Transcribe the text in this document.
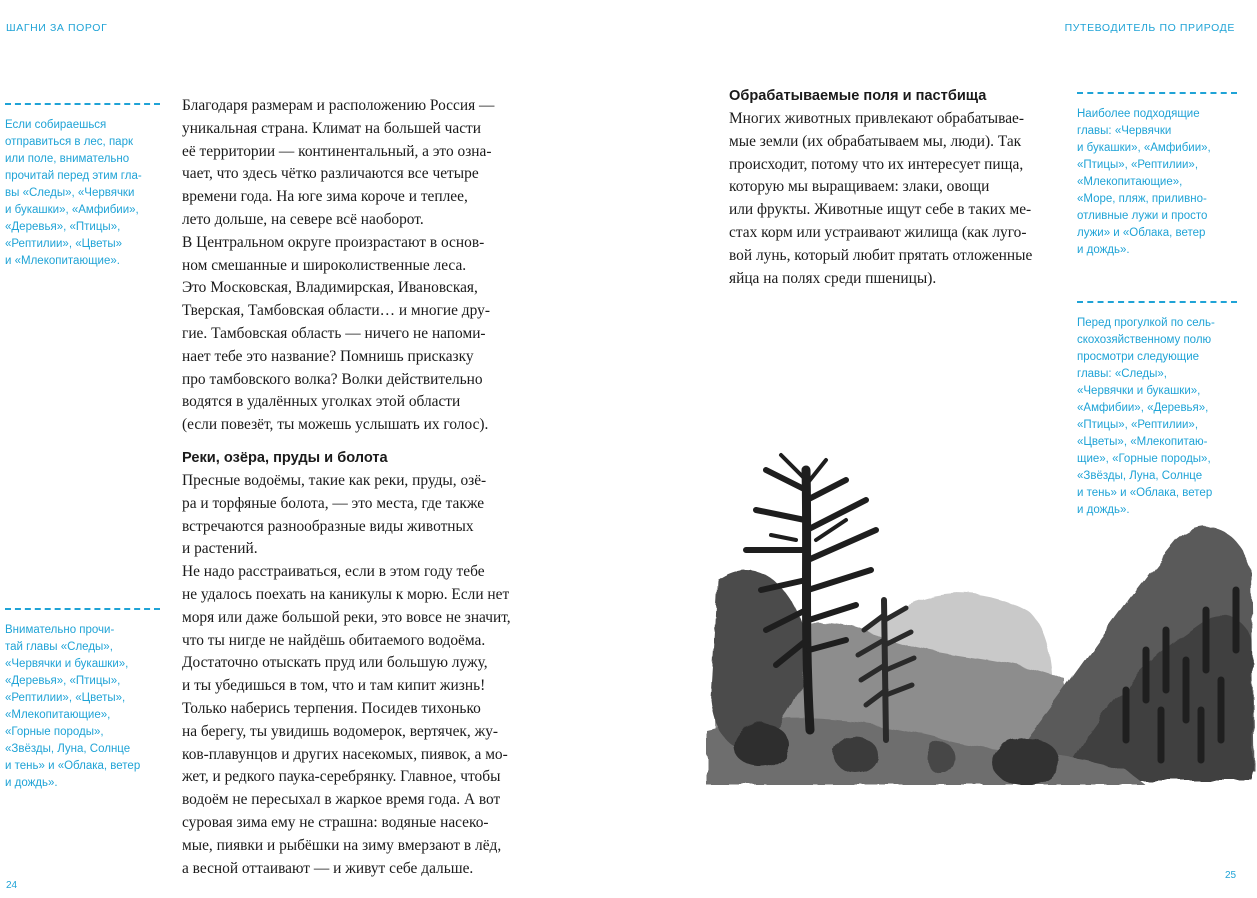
ШАГНИ ЗА ПОРОГ	ПУТЕВОДИТЕЛЬ ПО ПРИРОДЕ

Если собираешься
отправиться в лес, парк
или поле, внимательно
прочитай перед этим гла-
вы «Следы», «Червячки
и букашки», «Амфибии»,
«Деревья», «Птицы»,
«Рептилии», «Цветы»
и «Млекопитающие».

Внимательно прочи-
тай главы «Следы»,
«Червячки и букашки»,
«Деревья», «Птицы»,
«Рептилии», «Цветы»,
«Млекопитающие»,
«Горные породы»,
«Звёзды, Луна, Солнце
и тень» и «Облака, ветер
и дождь».

Благодаря размерам и расположению Россия —
уникальная страна. Климат на большей части
её территории — континентальный, а это озна-
чает, что здесь чётко различаются все четыре
времени года. На юге зима короче и теплее,
лето дольше, на севере всё наоборот.
В Центральном округе произрастают в основ-
ном смешанные и широколиственные леса.
Это Московская, Владимирская, Ивановская,
Тверская, Тамбовская области… и многие дру-
гие. Тамбовская область — ничего не напоми-
нает тебе это название? Помнишь присказку
про тамбовского волка? Волки действительно
водятся в удалённых уголках этой области
(если повезёт, ты можешь услышать их голос).

Реки, озёра, пруды и болота

Пресные водоёмы, такие как реки, пруды, озё-
ра и торфяные болота, — это места, где также
встречаются разнообразные виды животных
и растений.
Не надо расстраиваться, если в этом году тебе
не удалось поехать на каникулы к морю. Если нет
моря или даже большой реки, это вовсе не значит,
что ты нигде не найдёшь обитаемого водоёма.
Достаточно отыскать пруд или большую лужу,
и ты убедишься в том, что и там кипит жизнь!
Только наберись терпения. Посидев тихонько
на берегу, ты увидишь водомерок, вертячек, жу-
ков-плавунцов и других насекомых, пиявок, а мо-
жет, и редкого паука-серебрянку. Главное, чтобы
водоём не пересыхал в жаркое время года. А вот
суровая зима ему не страшна: водяные насеко-
мые, пиявки и рыбёшки на зиму вмерзают в лёд,
а весной оттаивают — и живут себе дальше.

Обрабатываемые поля и пастбища

Многих животных привлекают обрабатывае-
мые земли (их обрабатываем мы, люди). Так
происходит, потому что их интересует пища,
которую мы выращиваем: злаки, овощи
или фрукты. Животные ищут себе в таких ме-
стах корм или устраивают жилища (как луго-
вой лунь, который любит прятать отложенные
яйца на полях среди пшеницы).

Наиболее подходящие
главы: «Червячки
и букашки», «Амфибии»,
«Птицы», «Рептилии»,
«Млекопитающие»,
«Море, пляж, приливно-
отливные лужи и просто
лужи» и «Облака, ветер
и дождь».

Перед прогулкой по сель-
скохозяйственному полю
просмотри следующие
главы: «Следы»,
«Червячки и букашки»,
«Амфибии», «Деревья»,
«Птицы», «Рептилии»,
«Цветы», «Млекопитаю-
щие», «Горные породы»,
«Звёзды, Луна, Солнце
и тень» и «Облака, ветер
и дождь».

24
25
